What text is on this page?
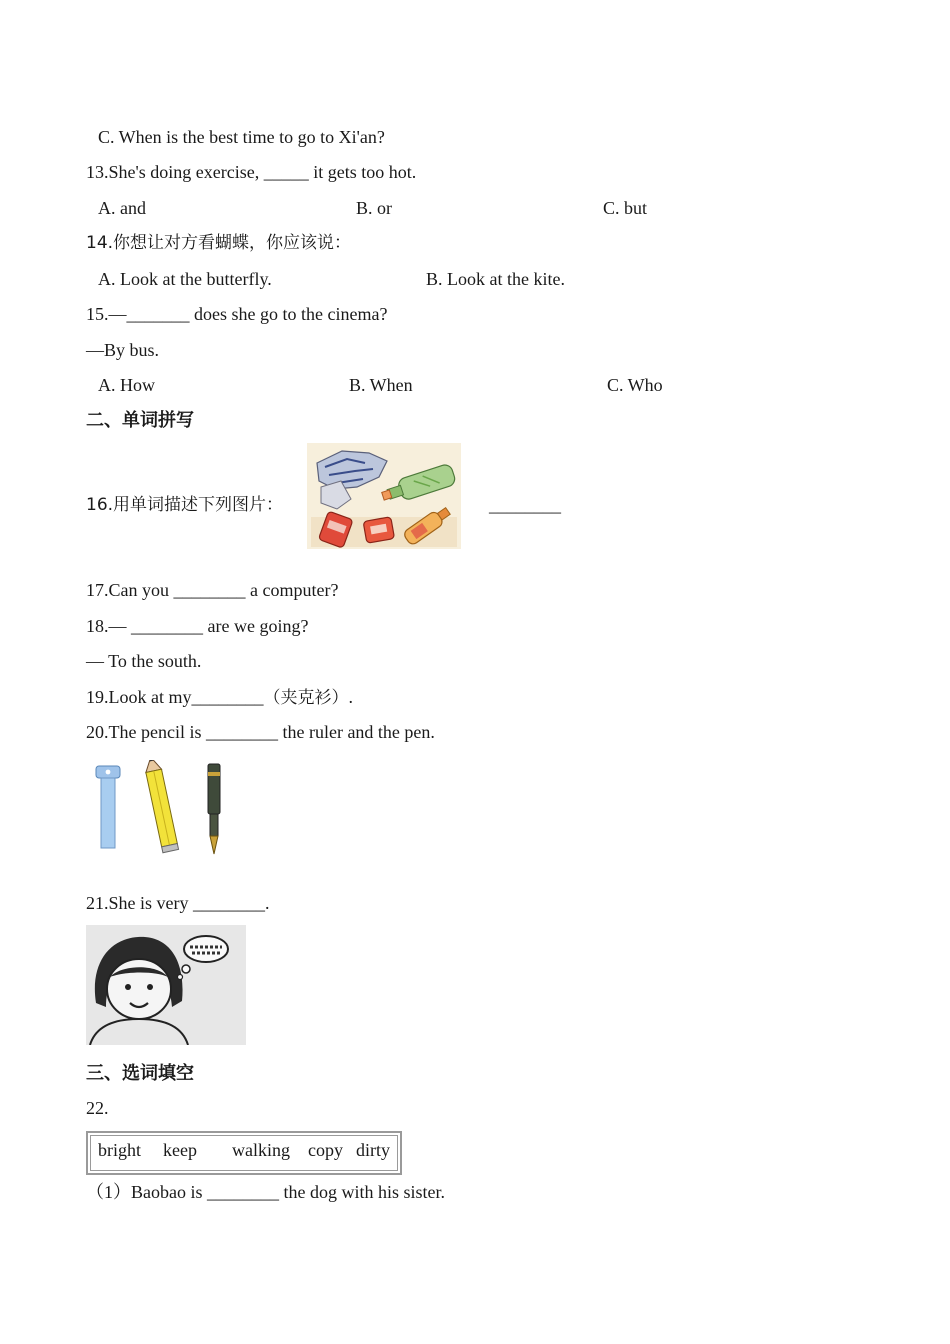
C. When is the best time to go to Xi'an?
13.She's doing exercise, _____ it gets too hot.
A. and	B. or	C. but
14.你想让对方看蝴蝶，你应该说：
A. Look at the butterfly.	B. Look at the kite.
15.—_______ does she go to the cinema?
—By bus.
A. How	B. When	C. Who
二、单词拼写
16.用单词描述下列图片：	________
17.Can you ________ a computer?
18.— ________ are we going?
— To the south.
19.Look at my________（夹克衫）.
20.The pencil is ________ the ruler and the pen.
21.She is very ________.
三、选词填空
22.
bright keep walking copy dirty
（1）Baobao is ________ the dog with his sister.
